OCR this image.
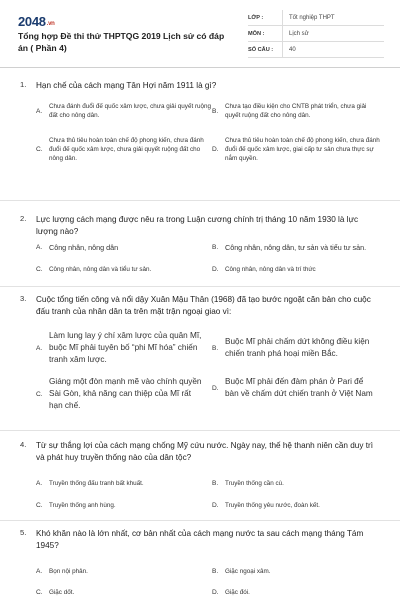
2048.vn
Tổng hợp Đề thi thử THPTQG 2019 Lịch sử có đáp án ( Phần 4)
LỚP :	Tốt nghiệp THPT
MÔN :	Lịch sử
SỐ CÂU :	40
1. Hạn chế của cách mạng Tân Hợi năm 1911 là gì?
A.
Chưa đánh đuổi đế quốc xâm lược, chưa giải quyết ruộng đất cho nông dân.
B.
Chưa tạo điều kiện cho CNTB phát triển, chưa giải quyết ruộng đất cho nông dân.
C.
Chưa thủ tiêu hoàn toàn chế độ phong kiến, chưa đánh đuổi đế quốc xâm lược, chưa giải quyết ruộng đất cho nông dân.
D.
Chưa thủ tiêu hoàn toàn chế độ phong kiến, chưa đánh đuổi đế quốc xâm lược, giai cấp tư sản chưa thực sự nắm quyền.
2. Lực lượng cách mạng được nêu ra trong Luận cương chính trị tháng 10 năm 1930 là lực lượng nào?
A. Công nhân, nông dân	B. Công nhân, nông dân, tư sản và tiểu tư sản.
C.	Công nhân, nông dân và tiểu tư sản.	D.	Công nhân, nông dân và trí thức
3. Cuộc tổng tiến công và nổi dậy Xuân Mậu Thân (1968) đã tạo bước ngoặt căn bản cho cuộc đấu tranh của nhân dân ta trên mặt trận ngoại giao vì:
A.
Làm lung lay ý chí xâm lược của quân Mĩ, buộc Mĩ phải tuyên bố “phi Mĩ hóa” chiến tranh xâm lược.
B.
Buộc Mĩ phải chấm dứt không điều kiện chiến tranh phá hoại miền Bắc.
C.
Giáng một đòn mạnh mẽ vào chính quyền Sài Gòn, khả năng can thiệp của Mĩ rất hạn chế.
D.
Buộc Mĩ phải đến đàm phán ở Pari để bàn về chấm dứt chiến tranh ở Việt Nam
4. Từ sự thắng lợi của cách mạng chống Mỹ cứu nước. Ngày nay, thế hệ thanh niên cần duy trì và phát huy truyền thống nào của dân tộc?
A.	Truyền thống đấu tranh bất khuất.	B.	Truyền thống cần cù.
C.	Truyền thống anh hùng.	D.	Truyền thống yêu nước, đoàn kết.
5. Khó khăn nào là lớn nhất, cơ bản nhất của cách mạng nước ta sau cách mạng tháng Tám 1945?
A.	Bọn nội phản.	B.	Giặc ngoại xâm.
C.	Giặc dốt.	D.	Giặc đói.
